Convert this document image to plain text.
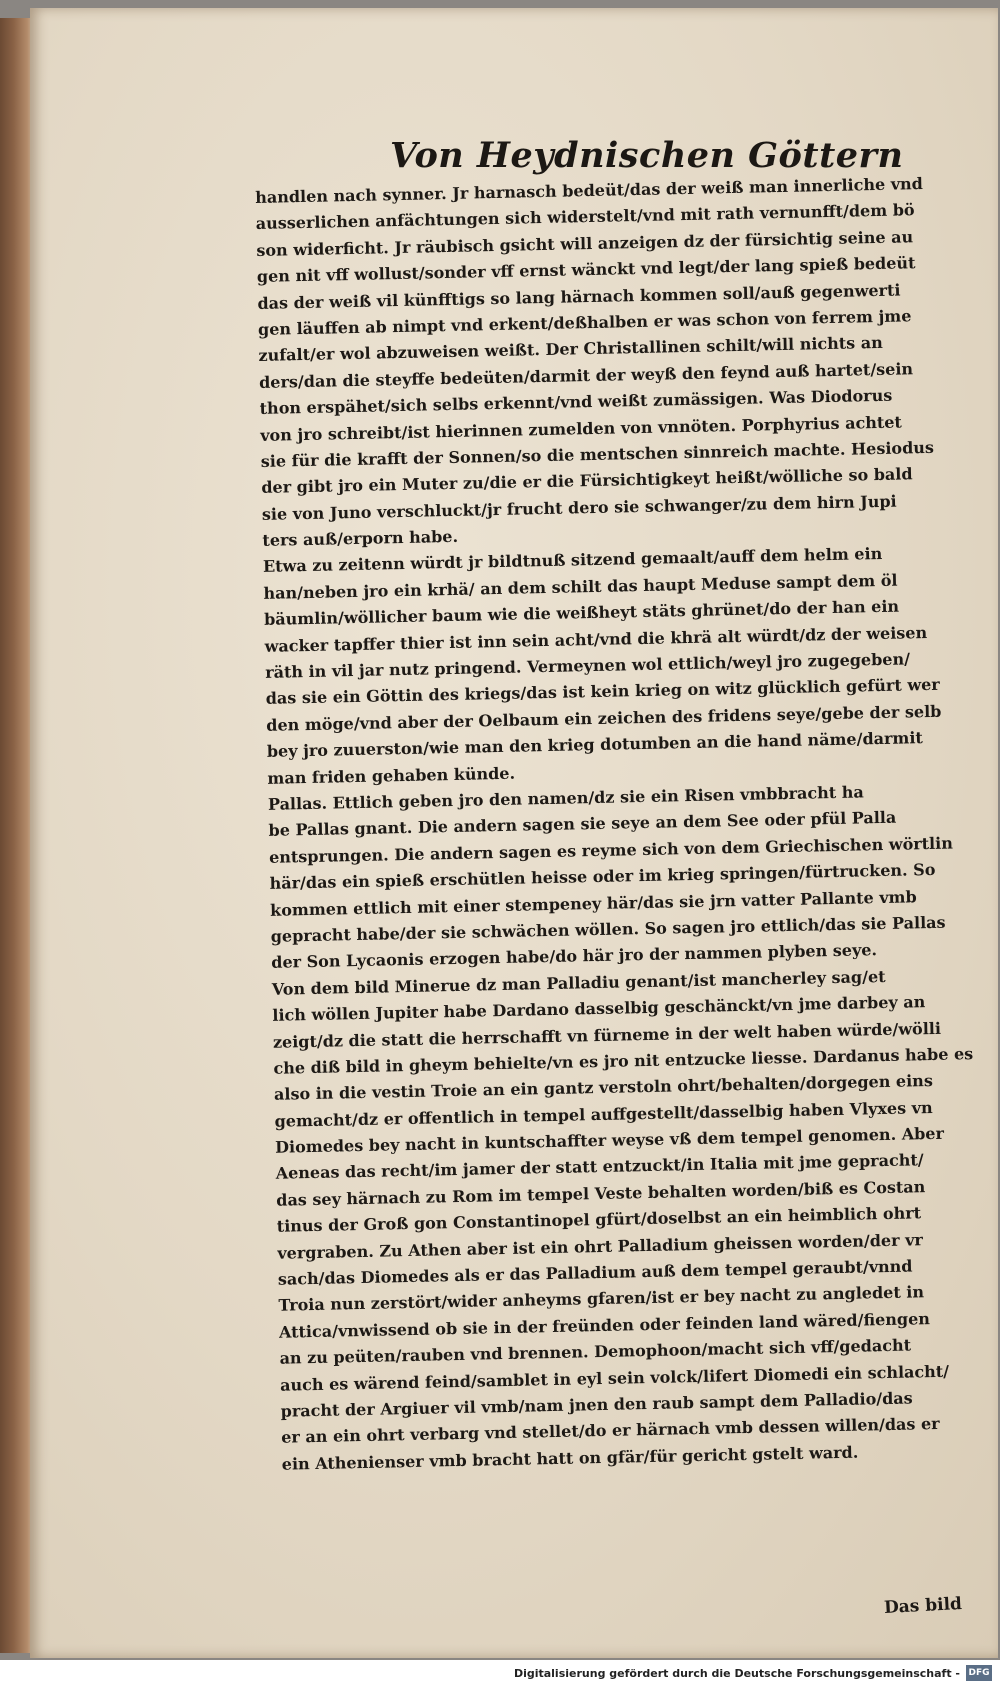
Von Heydnischen Göttern
handlen nach synner. Jr harnasch bedeüt/das der weiß man innerliche vnd
ausserlichen anfächtungen sich widerstelt/vnd mit rath vernunfft/dem bö
son widerficht. Jr räubisch gsicht will anzeigen dz der fürsichtig seine au
gen nit vff wollust/sonder vff ernst wänckt vnd legt/der lang spieß bedeüt
das der weiß vil künfftigs so lang härnach kommen soll/auß gegenwerti
gen läuffen ab nimpt vnd erkent/deßhalben er was schon von ferrem jme
zufalt/er wol abzuweisen weißt. Der Christallinen schilt/will nichts an
ders/dan die steyffe bedeüten/darmit der weyß den feynd auß hartet/sein
thon erspähet/sich selbs erkennt/vnd weißt zumässigen. Was Diodorus
von jro schreibt/ist hierinnen zumelden von vnnöten. Porphyrius achtet
sie für die krafft der Sonnen/so die mentschen sinnreich machte. Hesiodus
der gibt jro ein Muter zu/die er die Fürsichtigkeyt heißt/wölliche so bald
sie von Juno verschluckt/jr frucht dero sie schwanger/zu dem hirn Jupi
ters auß/erporn habe.
Etwa zu zeitenn würdt jr bildtnuß sitzend gemaalt/auff dem helm ein
han/neben jro ein krhä/ an dem schilt das haupt Meduse sampt dem öl
bäumlin/wöllicher baum wie die weißheyt stäts ghrünet/do der han ein
wacker tapffer thier ist inn sein acht/vnd die khrä alt würdt/dz der weisen
räth in vil jar nutz pringend. Vermeynen wol ettlich/weyl jro zugegeben/
das sie ein Göttin des kriegs/das ist kein krieg on witz glücklich gefürt wer
den möge/vnd aber der Oelbaum ein zeichen des fridens seye/gebe der selb
bey jro zuuerston/wie man den krieg dotumben an die hand näme/darmit
man friden gehaben künde.
Pallas. Ettlich geben jro den namen/dz sie ein Risen vmbbracht ha
be Pallas gnant. Die andern sagen sie seye an dem See oder pfül Palla
entsprungen. Die andern sagen es reyme sich von dem Griechischen wörtlin
här/das ein spieß erschütlen heisse oder im krieg springen/fürtrucken. So
kommen ettlich mit einer stempeney här/das sie jrn vatter Pallante vmb
gepracht habe/der sie schwächen wöllen. So sagen jro ettlich/das sie Pallas
der Son Lycaonis erzogen habe/do här jro der nammen plyben seye.
Von dem bild Minerue dz man Palladiu genant/ist mancherley sag/et
lich wöllen Jupiter habe Dardano dasselbig geschänckt/vn jme darbey an
zeigt/dz die statt die herrschafft vn fürneme in der welt haben würde/wölli
che diß bild in gheym behielte/vn es jro nit entzucke liesse. Dardanus habe es
also in die vestin Troie an ein gantz verstoln ohrt/behalten/dorgegen eins
gemacht/dz er offentlich in tempel auffgestellt/dasselbig haben Vlyxes vn
Diomedes bey nacht in kuntschaffter weyse vß dem tempel genomen. Aber
Aeneas das recht/im jamer der statt entzuckt/in Italia mit jme gepracht/
das sey härnach zu Rom im tempel Veste behalten worden/biß es Costan
tinus der Groß gon Constantinopel gfürt/doselbst an ein heimblich ohrt
vergraben. Zu Athen aber ist ein ohrt Palladium gheissen worden/der vr
sach/das Diomedes als er das Palladium auß dem tempel geraubt/vnnd
Troia nun zerstört/wider anheyms gfaren/ist er bey nacht zu angledet in
Attica/vnwissend ob sie in der freünden oder feinden land wäred/fiengen
an zu peüten/rauben vnd brennen. Demophoon/macht sich vff/gedacht
auch es wärend feind/samblet in eyl sein volck/lifert Diomedi ein schlacht/
pracht der Argiuer vil vmb/nam jnen den raub sampt dem Palladio/das
er an ein ohrt verbarg vnd stellet/do er härnach vmb dessen willen/das er
ein Athenienser vmb bracht hatt on gfär/für gericht gstelt ward.
Das bild
Digitalisierung gefördert durch die Deutsche Forschungsgemeinschaft - DFG
